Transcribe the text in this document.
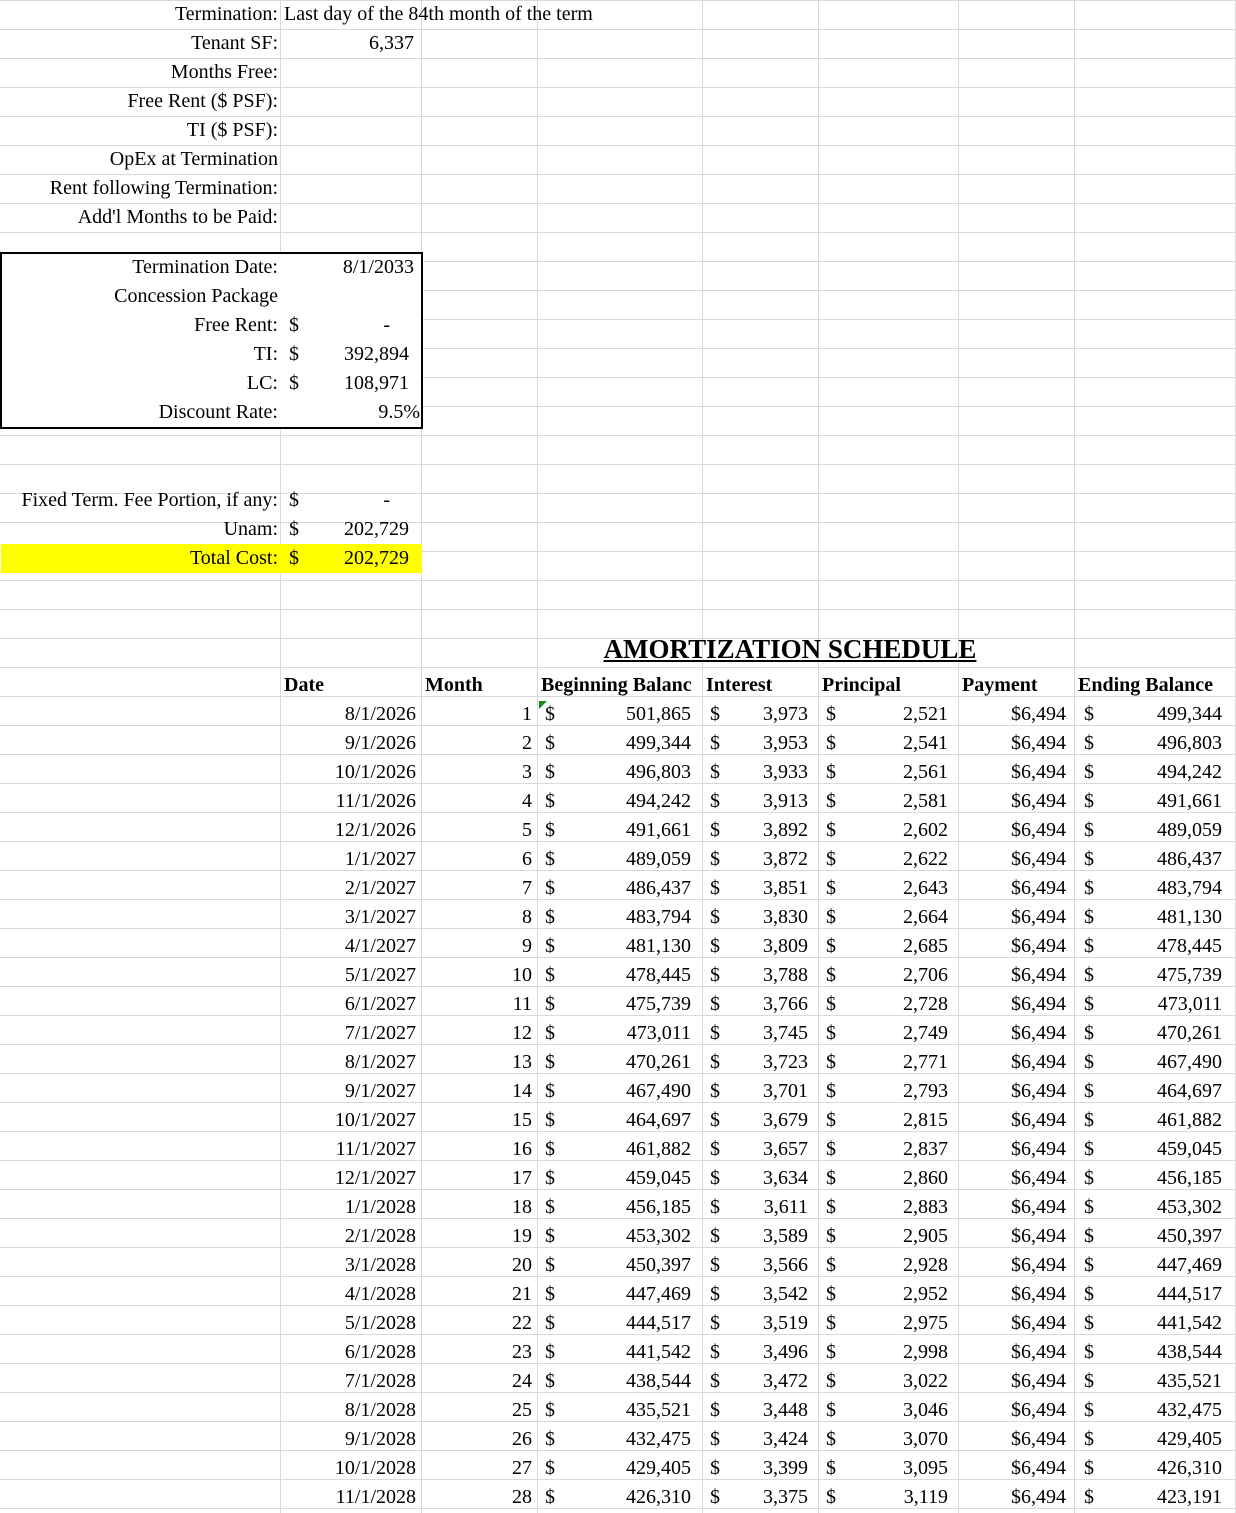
Termination: Last day of the 84th month of the term
Tenant SF:	6,337
Months Free:
Free Rent ($ PSF):
TI ($ PSF):
OpEx at Termination
Rent following Termination:
Add'l Months to be Paid:
Termination Date:	8/1/2033
Concession Package
Free Rent: $	-
TI: $	392,894
LC: $	108,971
Discount Rate:	9.5%
Fixed Term. Fee Portion, if any: $	-
Unam: $	202,729
Total Cost: $	202,729
AMORTIZATION SCHEDULE
Date	Month	Beginning Balanc Interest	Principal	Payment	Ending Balance
8/1/2026	1 $	501,865 $	3,973 $	2,521	$6,494 $	499,344
9/1/2026	2 $	499,344 $	3,953 $	2,541	$6,494 $	496,803
10/1/2026	3 $	496,803 $	3,933 $	2,561	$6,494 $	494,242
11/1/2026	4 $	494,242 $	3,913 $	2,581	$6,494 $	491,661
12/1/2026	5 $	491,661 $	3,892 $	2,602	$6,494 $	489,059
1/1/2027	6 $	489,059 $	3,872 $	2,622	$6,494 $	486,437
2/1/2027	7 $	486,437 $	3,851 $	2,643	$6,494 $	483,794
3/1/2027	8 $	483,794 $	3,830 $	2,664	$6,494 $	481,130
4/1/2027	9 $	481,130 $	3,809 $	2,685	$6,494 $	478,445
5/1/2027	10 $	478,445 $	3,788 $	2,706	$6,494 $	475,739
6/1/2027	11 $	475,739 $	3,766 $	2,728	$6,494 $	473,011
7/1/2027	12 $	473,011 $	3,745 $	2,749	$6,494 $	470,261
8/1/2027	13 $	470,261 $	3,723 $	2,771	$6,494 $	467,490
9/1/2027	14 $	467,490 $	3,701 $	2,793	$6,494 $	464,697
10/1/2027	15 $	464,697 $	3,679 $	2,815	$6,494 $	461,882
11/1/2027	16 $	461,882 $	3,657 $	2,837	$6,494 $	459,045
12/1/2027	17 $	459,045 $	3,634 $	2,860	$6,494 $	456,185
1/1/2028	18 $	456,185 $	3,611 $	2,883	$6,494 $	453,302
2/1/2028	19 $	453,302 $	3,589 $	2,905	$6,494 $	450,397
3/1/2028	20 $	450,397 $	3,566 $	2,928	$6,494 $	447,469
4/1/2028	21 $	447,469 $	3,542 $	2,952	$6,494 $	444,517
5/1/2028	22 $	444,517 $	3,519 $	2,975	$6,494 $	441,542
6/1/2028	23 $	441,542 $	3,496 $	2,998	$6,494 $	438,544
7/1/2028	24 $	438,544 $	3,472 $	3,022	$6,494 $	435,521
8/1/2028	25 $	435,521 $	3,448 $	3,046	$6,494 $	432,475
9/1/2028	26 $	432,475 $	3,424 $	3,070	$6,494 $	429,405
10/1/2028	27 $	429,405 $	3,399 $	3,095	$6,494 $	426,310
11/1/2028	28 $	426,310 $	3,375 $	3,119	$6,494 $	423,191
